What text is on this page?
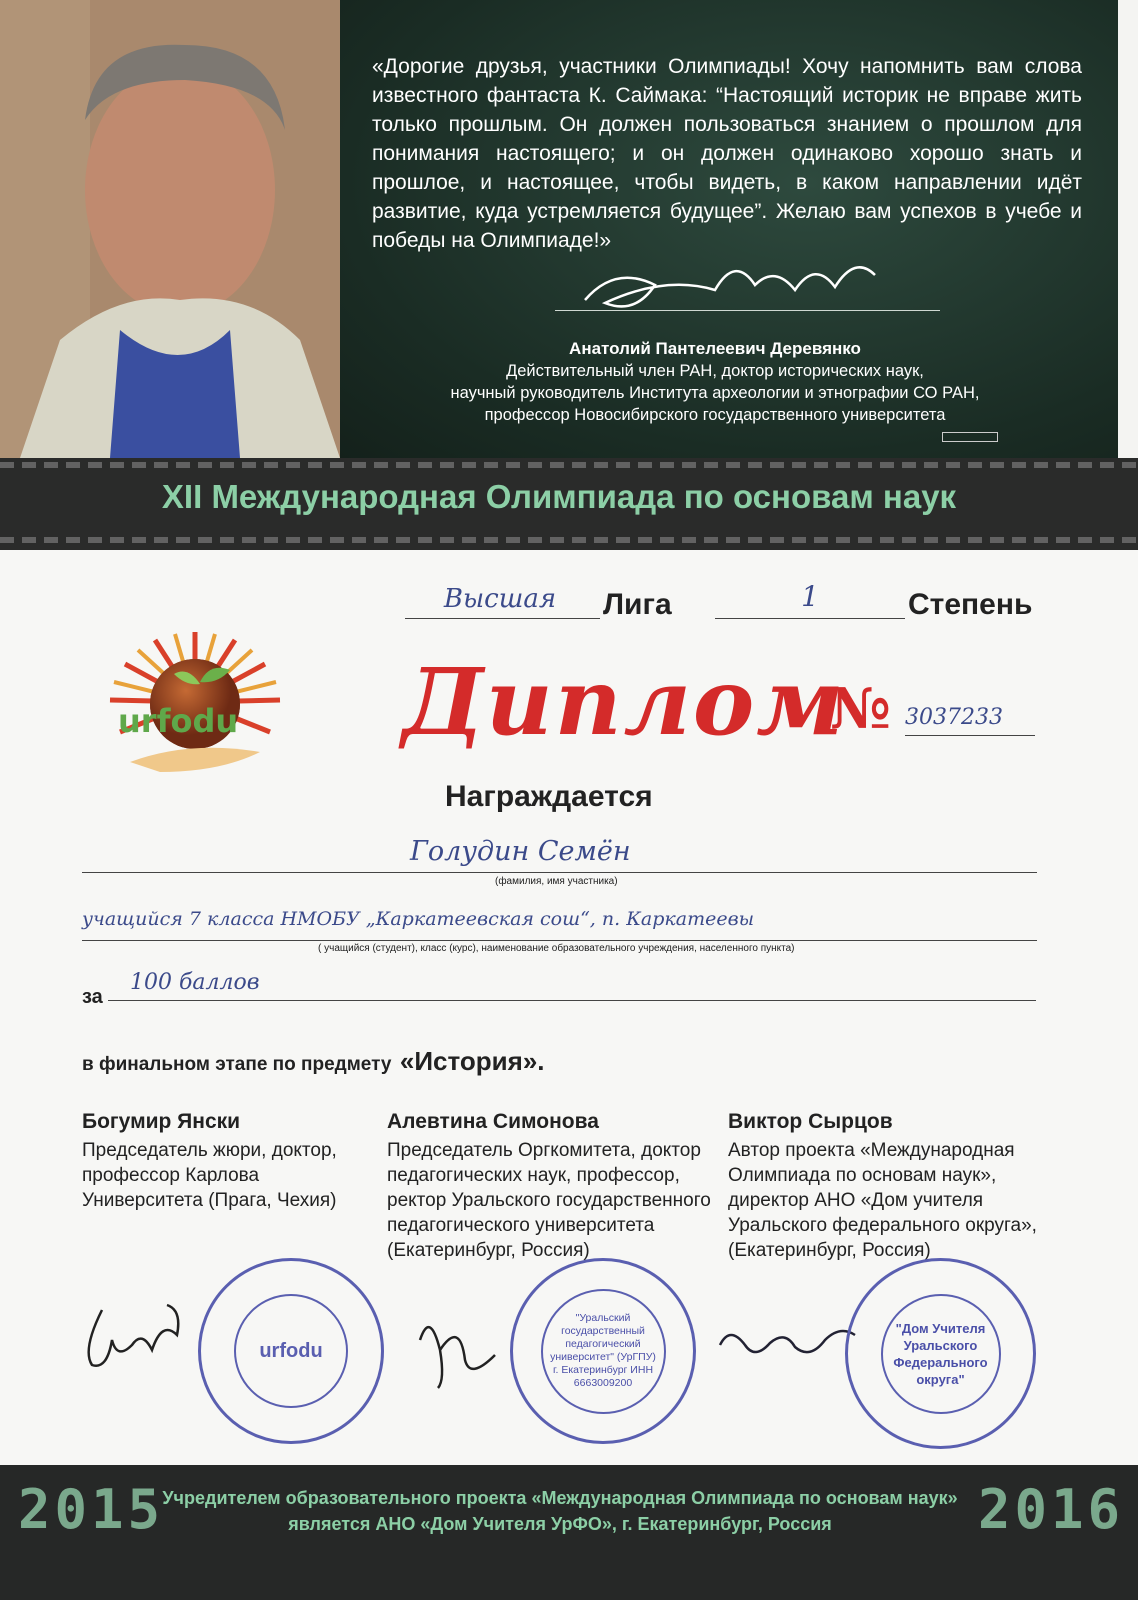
«Дорогие друзья, участники Олимпиады! Хочу напомнить вам слова известного фантаста К. Саймака: “Настоящий историк не вправе жить только прошлым. Он должен пользоваться знанием о прошлом для понимания настоящего; и он должен одинаково хорошо знать и прошлое, и настоящее, чтобы видеть, в каком направлении идёт развитие, куда устремляется будущее”. Желаю вам успехов в учебе и победы на Олимпиаде!»
Анатолий Пантелеевич Деревянко
Действительный член РАН, доктор исторических наук,
научный руководитель Института археологии и этнографии СО РАН,
профессор Новосибирского государственного университета
XII Международная Олимпиада по основам наук
Высшая	Лига	1	Степень
urfodu Диплом
№ 3037233
Награждается
Голудин Семён
(фамилия, имя участника)
учащийся 7 класса НМОБУ „Каркатеевская сош“, п. Каркатеевы
( учащийся (студент), класс (курс), наименование образовательного учреждения, населенного пункта)
за
100 баллов
в финальном этапе по предмету «История».
Богумир Янски
Председатель жюри, доктор, профессор Карлова Университета (Прага, Чехия)
Алевтина Симонова
Председатель Оргкомитета, доктор педагогических наук, профессор, ректор Уральского государственного педагогического университета (Екатеринбург, Россия)
Виктор Сырцов
Автор проекта «Международная Олимпиада по основам наук», директор АНО «Дом учителя Уральского федерального округа», (Екатеринбург, Россия)
urfodu
"Уральский государственный педагогический университет" (УрГПУ) г. Екатеринбург ИНН 6663009200
"Дом Учителя Уральского Федерального округа"
2015	2016
Учредителем образовательного проекта «Международная Олимпиада по основам наук»
является АНО «Дом Учителя УрФО», г. Екатеринбург, Россия
